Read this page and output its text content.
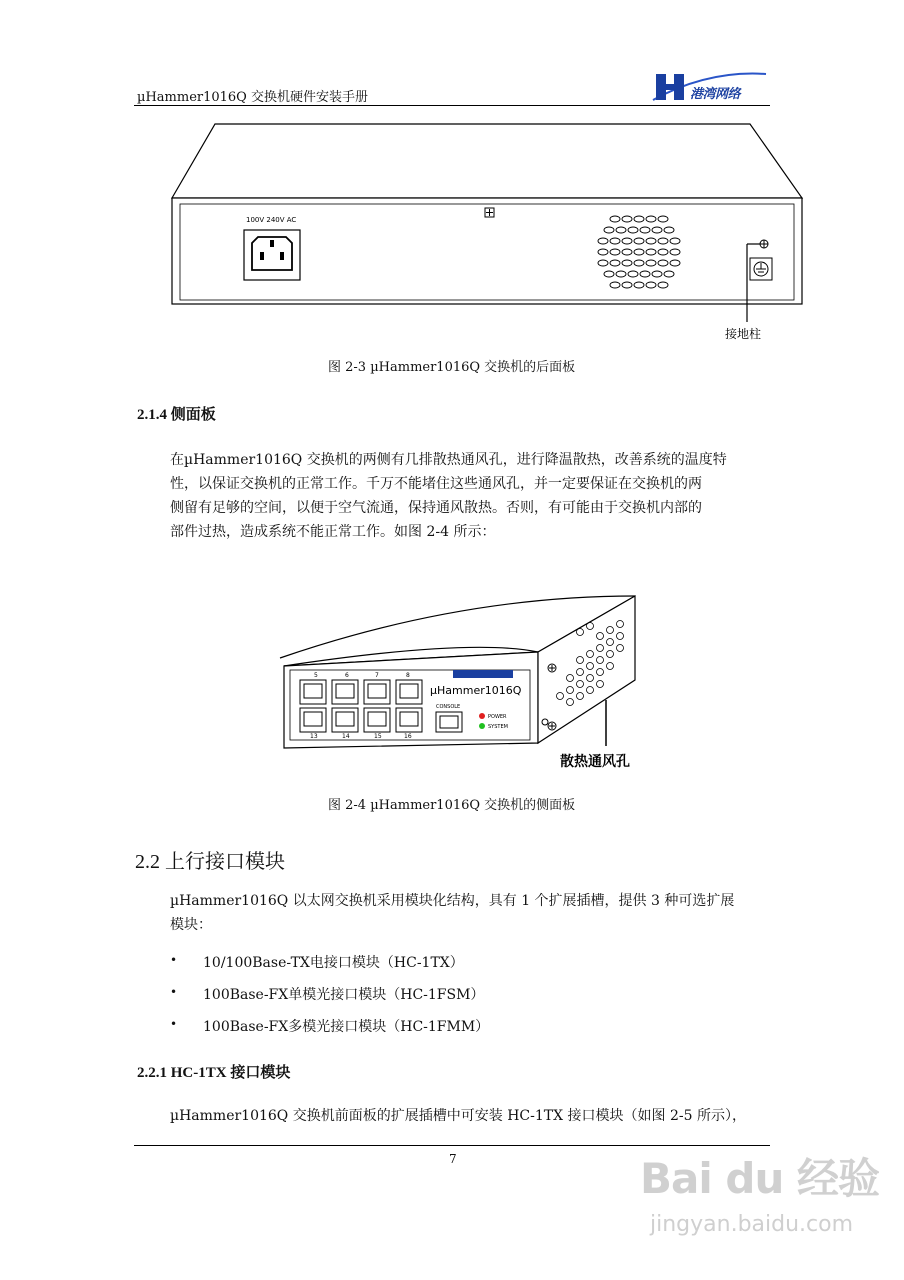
µHammer1016Q 交换机硬件安装手册	港湾网络
100V 240V AC
接地柱
图 2-3 µHammer1016Q 交换机的后面板
2.1.4 侧面板
在µHammer1016Q 交换机的两侧有几排散热通风孔，进行降温散热，改善系统的温度特
性，以保证交换机的正常工作。千万不能堵住这些通风孔，并一定要保证在交换机的两
侧留有足够的空间，以便于空气流通，保持通风散热。否则，有可能由于交换机内部的
部件过热，造成系统不能正常工作。如图 2-4 所示：
5	6	7	8
13	14	15	16
µHammer1016Q
CONSOLE
POWER
SYSTEM
散热通风孔
图 2-4 µHammer1016Q 交换机的侧面板
2.2 上行接口模块
µHammer1016Q 以太网交换机采用模块化结构，具有 1 个扩展插槽，提供 3 种可选扩展
模块：
• 10/100Base-TX电接口模块（HC-1TX）
• 100Base-FX单模光接口模块（HC-1FSM）
• 100Base-FX多模光接口模块（HC-1FMM）
2.2.1 HC-1TX 接口模块
µHammer1016Q 交换机前面板的扩展插槽中可安装 HC-1TX 接口模块（如图 2-5 所示），
7	Bai du 经验
jingyan.baidu.com
